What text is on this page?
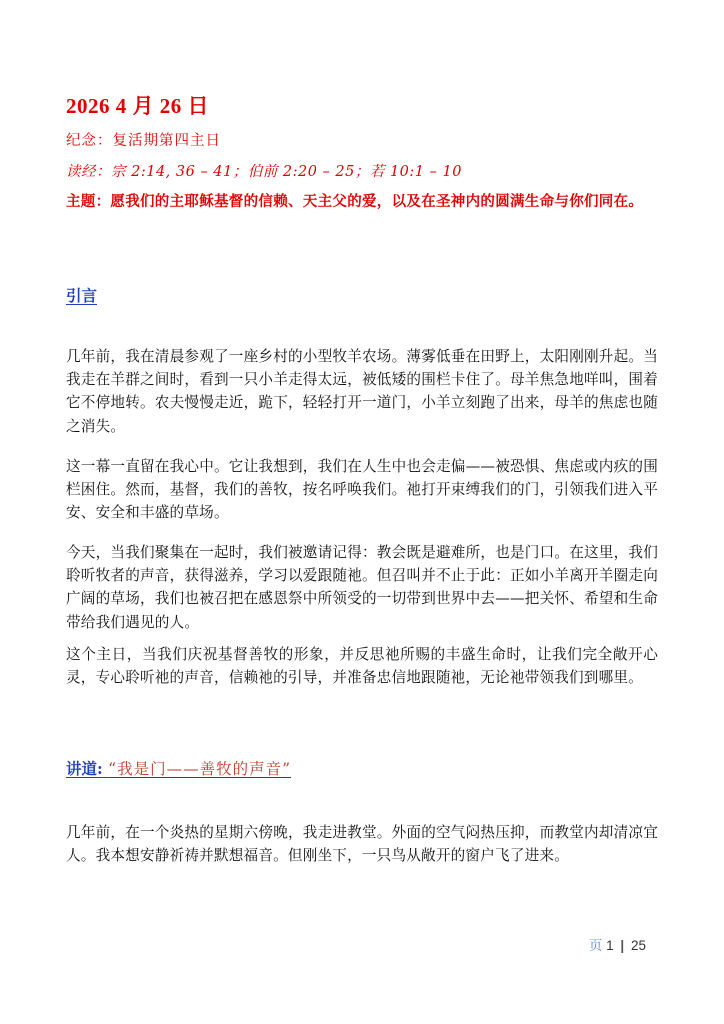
2026 4 月 26 日
纪念：复活期第四主日
读经：宗 2:14, 36 – 41；伯前 2:20 – 25；若 10:1 – 10
主题：愿我们的主耶稣基督的信赖、天主父的爱，以及在圣神内的圆满生命与你们同在。
引言

几年前，我在清晨参观了一座乡村的小型牧羊农场。薄雾低垂在田野上，太阳刚刚升起。当我走在羊群之间时，看到一只小羊走得太远，被低矮的围栏卡住了。母羊焦急地咩叫，围着它不停地转。农夫慢慢走近，跪下，轻轻打开一道门，小羊立刻跑了出来，母羊的焦虑也随之消失。

这一幕一直留在我心中。它让我想到，我们在人生中也会走偏——被恐惧、焦虑或内疚的围栏困住。然而，基督，我们的善牧，按名呼唤我们。祂打开束缚我们的门，引领我们进入平安、安全和丰盛的草场。

今天，当我们聚集在一起时，我们被邀请记得：教会既是避难所，也是门口。在这里，我们聆听牧者的声音，获得滋养，学习以爱跟随祂。但召叫并不止于此：正如小羊离开羊圈走向广阔的草场，我们也被召把在感恩祭中所领受的一切带到世界中去——把关怀、希望和生命带给我们遇见的人。

这个主日，当我们庆祝基督善牧的形象，并反思祂所赐的丰盛生命时，让我们完全敞开心灵，专心聆听祂的声音，信赖祂的引导，并准备忠信地跟随祂，无论祂带领我们到哪里。

讲道: “我是门——善牧的声音”

几年前，在一个炎热的星期六傍晚，我走进教堂。外面的空气闷热压抑，而教堂内却清凉宜人。我本想安静祈祷并默想福音。但刚坐下，一只鸟从敞开的窗户飞了进来。

页 1 | 25
